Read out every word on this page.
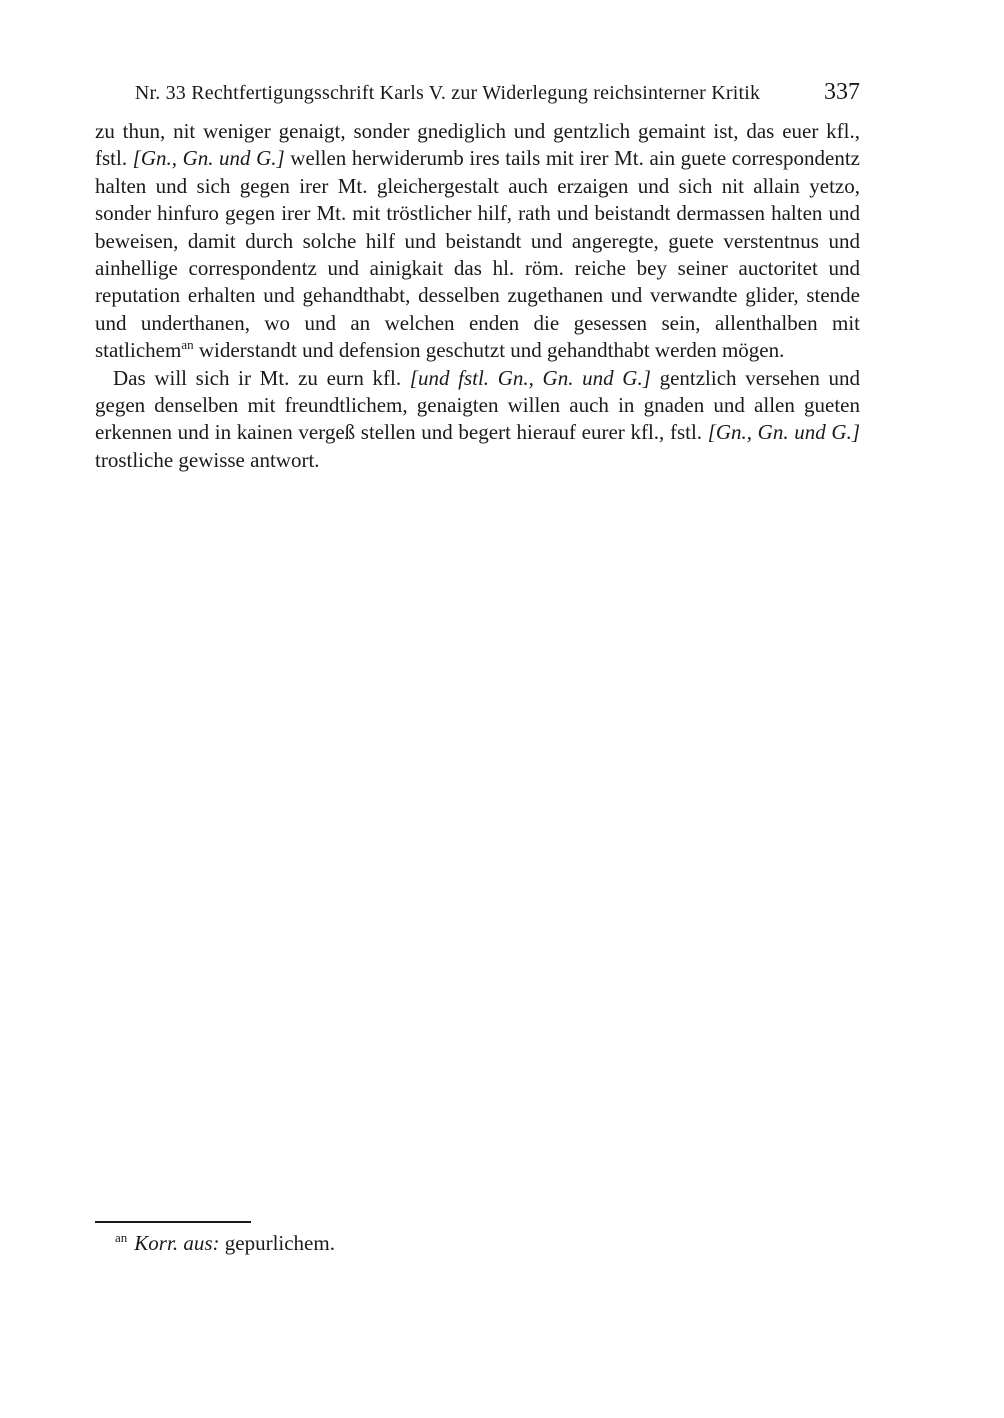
Nr. 33 Rechtfertigungsschrift Karls V. zur Widerlegung reichsinterner Kritik	337

zu thun, nit weniger genaigt, sonder gnediglich und gentzlich gemaint ist, das euer kfl., fstl. [Gn., Gn. und G.] wellen herwiderumb ires tails mit irer Mt. ain guete correspondentz halten und sich gegen irer Mt. gleichergestalt auch erzaigen und sich nit allain yetzo, sonder hinfuro gegen irer Mt. mit tröstlicher hilf, rath und beistandt dermassen halten und beweisen, damit durch solche hilf und beistandt und angeregte, guete verstentnus und ainhellige correspondentz und ainigkait das hl. röm. reiche bey seiner auctoritet und reputation erhalten und gehandthabt, desselben zugethanen und verwandte glider, stende und underthanen, wo und an welchen enden die gesessen sein, allenthalben mit statlichem$^{an}$ widerstandt und defension geschutzt und gehandthabt werden mögen.

Das will sich ir Mt. zu eurn kfl. [und fstl. Gn., Gn. und G.] gentzlich versehen und gegen denselben mit freundtlichem, genaigten willen auch in gnaden und allen gueten erkennen und in kainen vergeß stellen und begert hierauf eurer kfl., fstl. [Gn., Gn. und G.] trostliche gewisse antwort.

$^{an}$ Korr. aus: gepurlichem.
